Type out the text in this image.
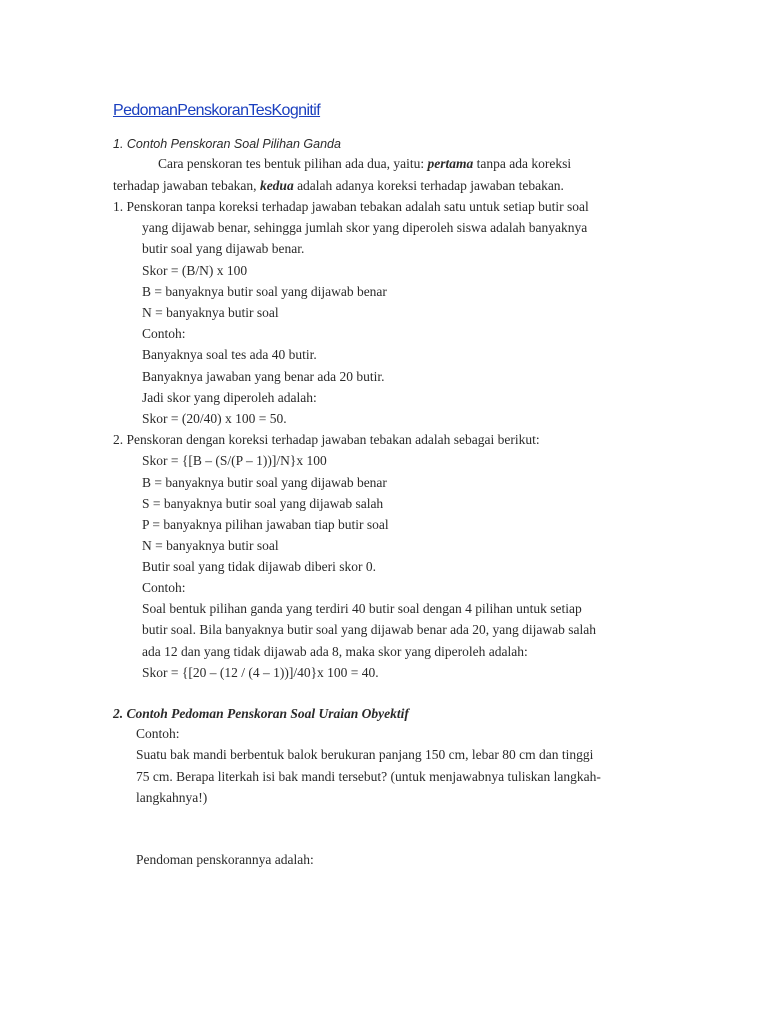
PedomanPenskoranTesKognitif
1. Contoh Penskoran Soal Pilihan Ganda
Cara penskoran tes bentuk pilihan ada dua, yaitu: pertama tanpa ada koreksi
terhadap jawaban tebakan, kedua adalah adanya koreksi terhadap jawaban tebakan.
1. Penskoran tanpa koreksi terhadap jawaban tebakan adalah satu untuk setiap butir soal
yang dijawab benar, sehingga jumlah skor yang diperoleh siswa adalah banyaknya
butir soal yang dijawab benar.
Skor = (B/N) x 100
B = banyaknya butir soal yang dijawab benar
N = banyaknya butir soal
Contoh:
Banyaknya soal tes ada 40 butir.
Banyaknya jawaban yang benar ada 20 butir.
Jadi skor yang diperoleh adalah:
Skor = (20/40) x 100 = 50.
2. Penskoran dengan koreksi terhadap jawaban tebakan adalah sebagai berikut:
Skor = {[B – (S/(P – 1))]/N}x 100
B = banyaknya butir soal yang dijawab benar
S = banyaknya butir soal yang dijawab salah
P = banyaknya pilihan jawaban tiap butir soal
N = banyaknya butir soal
Butir soal yang tidak dijawab diberi skor 0.
Contoh:
Soal bentuk pilihan ganda yang terdiri 40 butir soal dengan 4 pilihan untuk setiap
butir soal. Bila banyaknya butir soal yang dijawab benar ada 20, yang dijawab salah
ada 12 dan yang tidak dijawab ada 8, maka skor yang diperoleh adalah:
Skor = {[20 – (12 / (4 – 1))]/40}x 100 = 40.
2. Contoh Pedoman Penskoran Soal Uraian Obyektif
Contoh:
Suatu bak mandi berbentuk balok berukuran panjang 150 cm, lebar 80 cm dan tinggi
75 cm. Berapa literkah isi bak mandi tersebut? (untuk menjawabnya tuliskan langkah-
langkahnya!)
Pendoman penskorannya adalah:
